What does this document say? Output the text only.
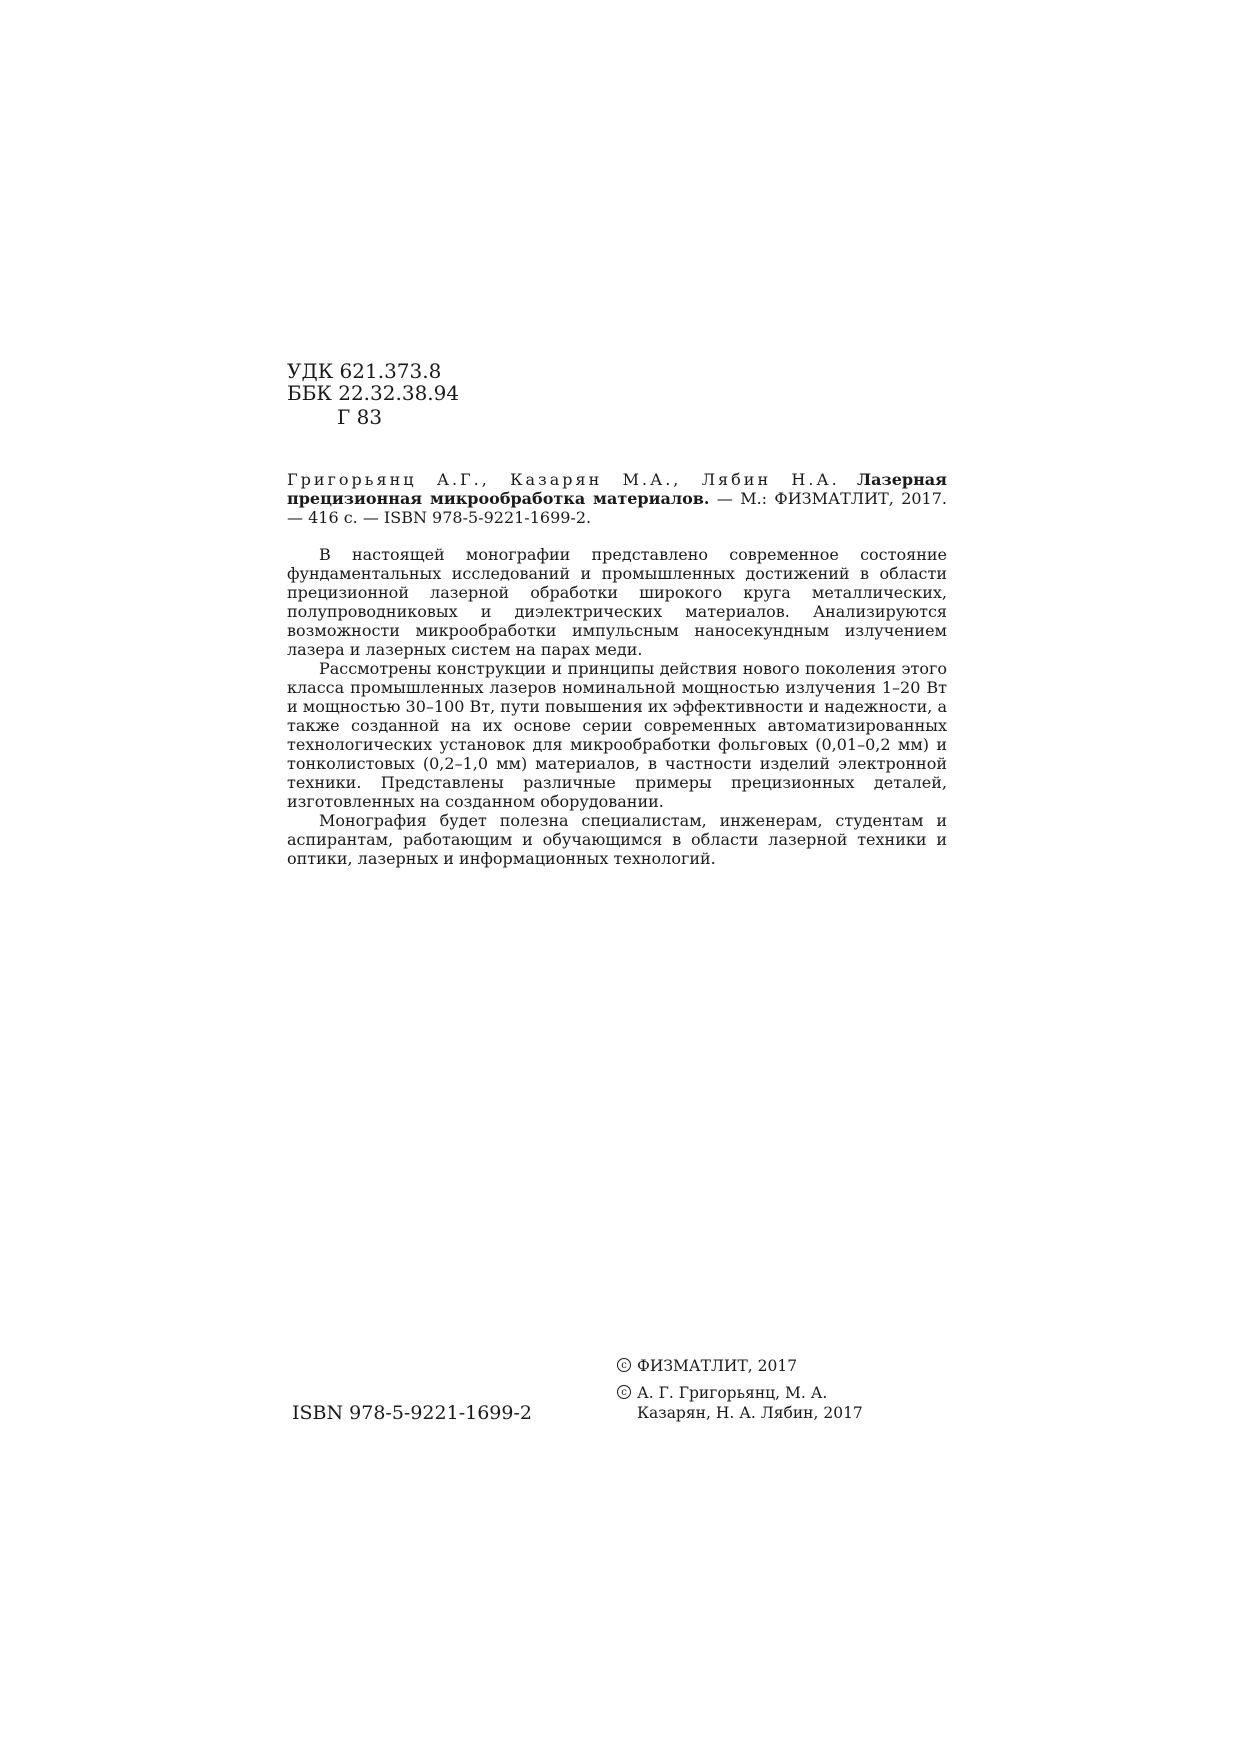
УДК 621.373.8
ББК 22.32.38.94
Г 83
Григорьянц А.Г., Казарян М.А., Лябин Н.А. Лазерная прецизионная микрообработка материалов. — М.: ФИЗМАТЛИТ, 2017. — 416 с. — ISBN 978-5-9221-1699-2.

В настоящей монографии представлено современное состояние фундаментальных исследований и промышленных достижений в области прецизионной лазерной обработки широкого круга металлических, полупроводниковых и диэлектрических материалов. Анализируются возможности микрообработки импульсным наносекундным излучением лазера и лазерных систем на парах меди.

Рассмотрены конструкции и принципы действия нового поколения этого класса промышленных лазеров номинальной мощностью излучения 1–20 Вт и мощностью 30–100 Вт, пути повышения их эффективности и надежности, а также созданной на их основе серии современных автоматизированных технологических установок для микрообработки фольговых (0,01–0,2 мм) и тонколистовых (0,2–1,0 мм) материалов, в частности изделий электронной техники. Представлены различные примеры прецизионных деталей, изготовленных на созданном оборудовании.

Монография будет полезна специалистам, инженерам, студентам и аспирантам, работающим и обучающимся в области лазерной техники и оптики, лазерных и информационных технологий.

ISBN 978-5-9221-1699-2
c ФИЗМАТЛИТ, 2017
c А. Г. Григорьянц, М. А. Казарян, Н. А. Лябин, 2017
